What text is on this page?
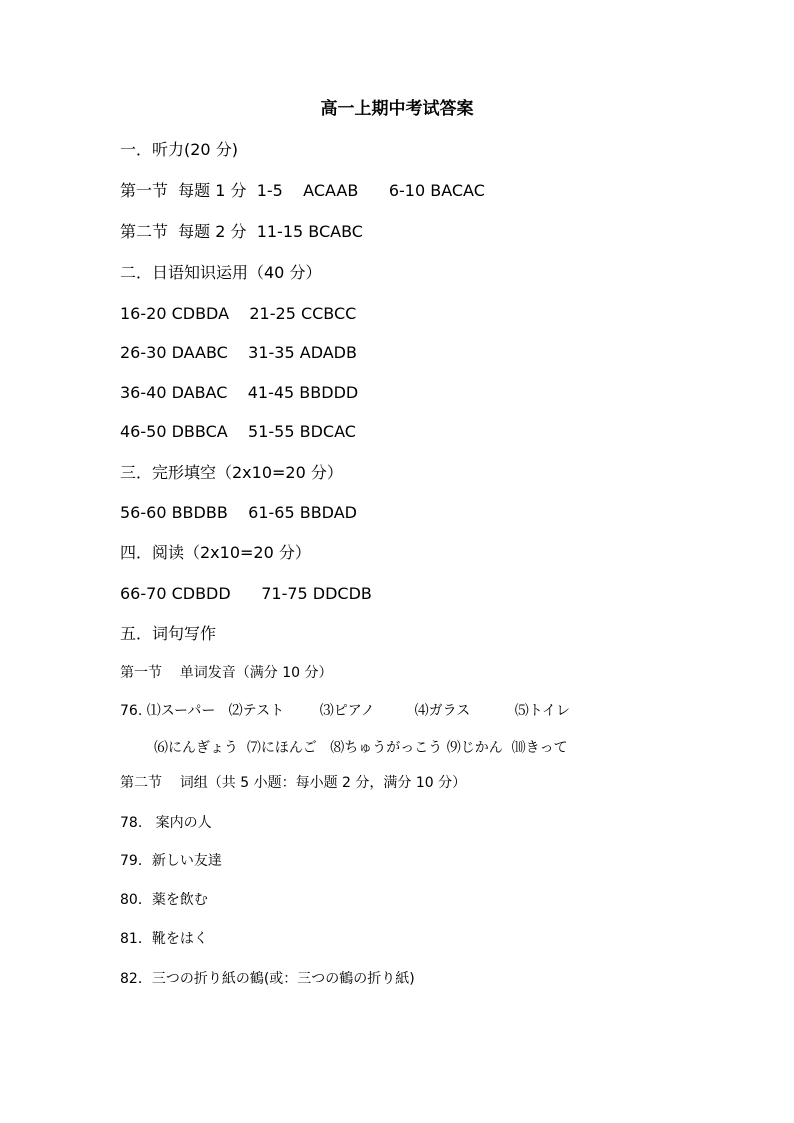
高一上期中考试答案
一．听力(20 分)
第一节  每题 1 分  1-5    ACAAB      6-10 BACAC
第二节  每题 2 分  11-15 BCABC
二．日语知识运用（40 分）
16-20 CDBDA    21-25 CCBCC
26-30 DAABC    31-35 ADADB
36-40 DABAC    41-45 BBDDD
46-50 DBBCA    51-55 BDCAC
三．完形填空（2x10=20 分）
56-60 BBDBB    61-65 BBDAD
四．阅读（2x10=20 分）
66-70 CDBDD      71-75 DDCDB
五．词句写作
第一节    单词发音（满分 10 分）
76. ⑴スーパー   ⑵テスト        ⑶ピアノ         ⑷ガラス          ⑸トイレ
⑹にんぎょう  ⑺にほんご   ⑻ちゅうがっこう ⑼じかん  ⑽きって
第二节    词组（共 5 小题：每小题 2 分，满分 10 分）
78.   案内の人
79．新しい友達
80．薬を飲む
81．靴をはく
82．三つの折り紙の鶴(或：三つの鶴の折り紙)
